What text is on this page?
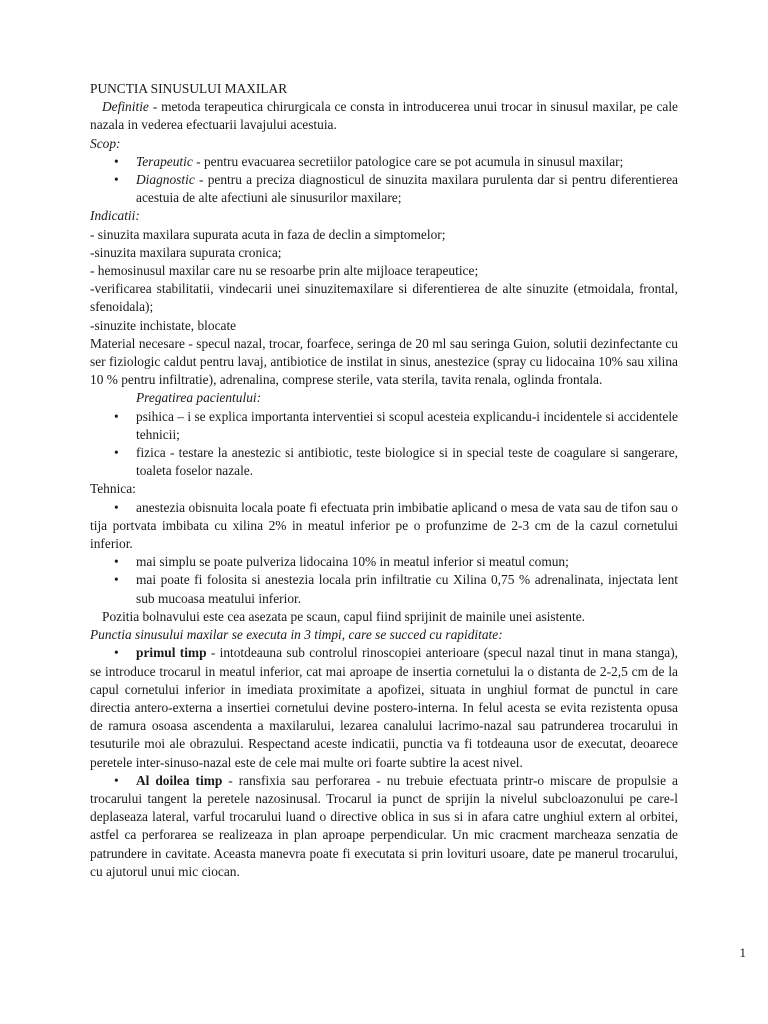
PUNCTIA SINUSULUI MAXILAR

Definitie - metoda terapeutica chirurgicala ce consta in introducerea unui trocar in sinusul maxilar, pe cale nazala in vederea efectuarii lavajului acestuia.

Scop:

• Terapeutic - pentru evacuarea secretiilor patologice care se pot acumula in sinusul maxilar;
• Diagnostic - pentru a preciza diagnosticul de sinuzita maxilara purulenta dar si pentru diferentierea acestuia de alte afectiuni ale sinusurilor maxilare;

Indicatii:

- sinuzita maxilara supurata acuta in faza de declin a simptomelor;

-sinuzita maxilara supurata cronica;

- hemosinusul maxilar care nu se resoarbe prin alte mijloace terapeutice;

-verificarea stabilitatii, vindecarii unei sinuzitemaxilare si diferentierea de alte sinuzite (etmoidala, frontal, sfenoidala);

-sinuzite inchistate, blocate

Material necesare - specul nazal, trocar, foarfece, seringa de 20 ml sau seringa Guion, solutii dezinfectante cu ser fiziologic caldut pentru lavaj, antibiotice de instilat in sinus, anestezice (spray cu lidocaina 10% sau xilina 10 % pentru infiltratie), adrenalina, comprese sterile, vata sterila, tavita renala, oglinda frontala.

Pregatirea pacientului:

• psihica – i se explica importanta interventiei si scopul acesteia explicandu-i incidentele si accidentele tehnicii;
• fizica - testare la anestezic si antibiotic, teste biologice si in special teste de coagulare si sangerare, toaleta foselor nazale.

Tehnica:

• anestezia obisnuita locala poate fi efectuata prin imbibatie aplicand o mesa de vata sau de tifon sau o tija portvata imbibata cu xilina 2% in meatul inferior pe o profunzime de 2-3 cm de la cazul cornetului inferior.
• mai simplu se poate pulveriza lidocaina 10% in meatul inferior si meatul comun;
• mai poate fi folosita si anestezia locala prin infiltratie cu Xilina 0,75 % adrenalinata, injectata lent sub mucoasa meatului inferior.

Pozitia bolnavului este cea asezata pe scaun, capul fiind sprijinit de mainile unei asistente.

Punctia sinusului maxilar se executa in 3 timpi, care se succed cu rapiditate:

• primul timp - intotdeauna sub controlul rinoscopiei anterioare (specul nazal tinut in mana stanga), se introduce trocarul in meatul inferior, cat mai aproape de insertia cornetului la o distanta de 2-2,5 cm de la capul cornetului inferior in imediata proximitate a apofizei, situata in unghiul format de punctul in care directia antero-externa a insertiei cornetului devine postero-interna. In felul acesta se evita rezistenta opusa de ramura osoasa ascendenta a maxilarului, lezarea canalului lacrimo-nazal sau patrunderea trocarului in tesuturile moi ale obrazului. Respectand aceste indicatii, punctia va fi totdeauna usor de executat, deoarece peretele inter-sinuso-nazal este de cele mai multe ori foarte subtire la acest nivel.
• Al doilea timp - ransfixia sau perforarea - nu trebuie efectuata printr-o miscare de propulsie a trocarului tangent la peretele nazosinusal. Trocarul ia punct de sprijin la nivelul subcloazonului pe care-l deplaseaza lateral, varful trocarului luand o directive oblica in sus si in afara catre unghiul extern al orbitei, astfel ca perforarea se realizeaza in plan aproape perpendicular. Un mic cracment marcheaza senzatia de patrundere in cavitate. Aceasta manevra poate fi executata si prin lovituri usoare, date pe manerul trocarului, cu ajutorul unui mic ciocan.
1
